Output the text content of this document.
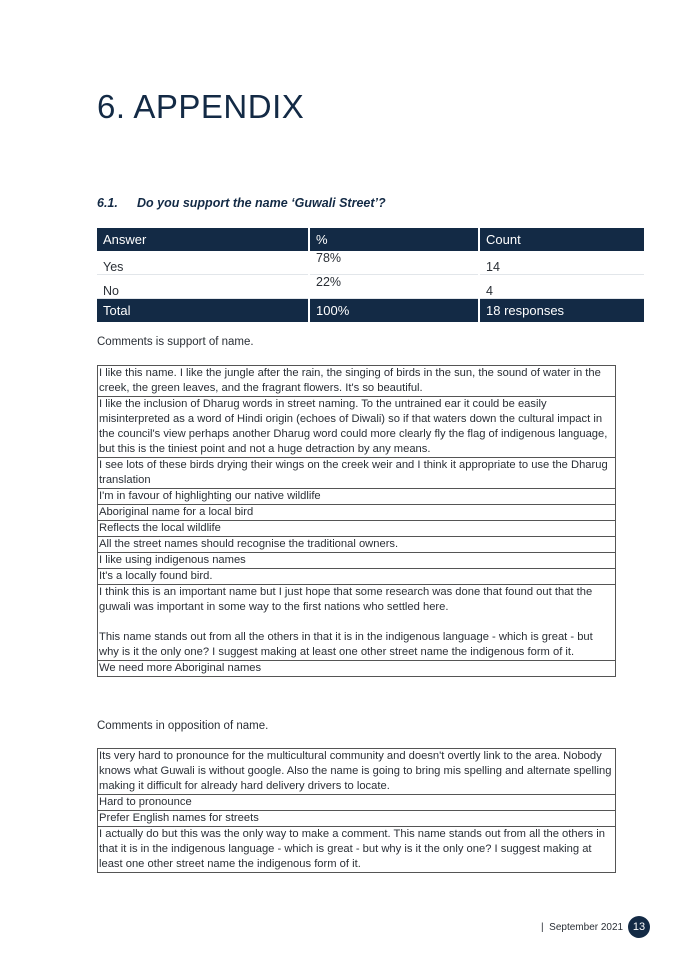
6. APPENDIX
6.1. Do you support the name ‘Guwali Street’?
Answer	%	Count
Yes	78%	14
No	22%	4
Total	100%	18 responses
Comments is support of name.
I like this name. I like the jungle after the rain, the singing of birds in the sun, the sound of water in the creek, the green leaves, and the fragrant flowers. It's so beautiful.
I like the inclusion of Dharug words in street naming. To the untrained ear it could be easily misinterpreted as a word of Hindi origin (echoes of Diwali) so if that waters down the cultural impact in the council's view perhaps another Dharug word could more clearly fly the flag of indigenous language, but this is the tiniest point and not a huge detraction by any means.
I see lots of these birds drying their wings on the creek weir and I think it appropriate to use the Dharug translation
I'm in favour of highlighting our native wildlife
Aboriginal name for a local bird
Reflects the local wildlife
All the street names should recognise the traditional owners.
I like using indigenous names
It's a locally found bird.
I think this is an important name but I just hope that some research was done that found out that the guwali was important in some way to the first nations who settled here.

This name stands out from all the others in that it is in the indigenous language - which is great - but why is it the only one? I suggest making at least one other street name the indigenous form of it.
We need more Aboriginal names
Comments in opposition of name.
Its very hard to pronounce for the multicultural community and doesn't overtly link to the area. Nobody knows what Guwali is without google. Also the name is going to bring mis spelling and alternate spelling making it difficult for already hard delivery drivers to locate.
Hard to pronounce
Prefer English names for streets
I actually do but this was the only way to make a comment. This name stands out from all the others in that it is in the indigenous language - which is great - but why is it the only one? I suggest making at least one other street name the indigenous form of it.
| September 2021 13
